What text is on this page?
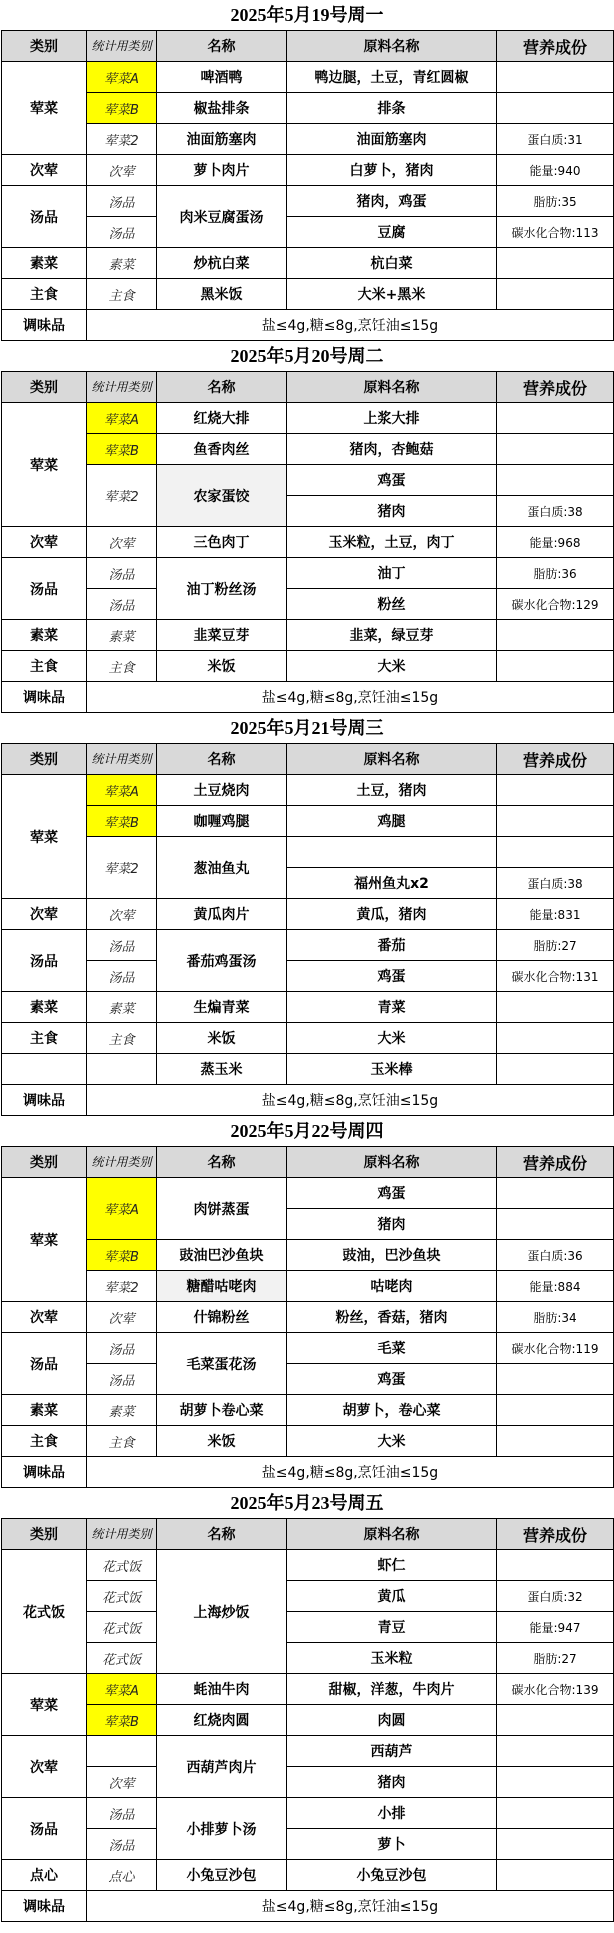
2025年5月19号周一
类别	统计用类别	名称	原料名称	营养成份
荤菜	荤菜A	啤酒鸭	鸭边腿，土豆，青红圆椒	
	荤菜B	椒盐排条	排条	
	荤菜2	油面筋塞肉	油面筋塞肉	蛋白质:31
次荤	次荤	萝卜肉片	白萝卜，猪肉	能量:940
汤品	汤品	肉米豆腐蛋汤	猪肉，鸡蛋	脂肪:35
	汤品		豆腐	碳水化合物:113
素菜	素菜	炒杭白菜	杭白菜	
主食	主食	黑米饭	大米+黑米	
调味品	盐≤4g,糖≤8g,烹饪油≤15g			
2025年5月20号周二
类别	统计用类别	名称	原料名称	营养成份
荤菜	荤菜A	红烧大排	上浆大排	
	荤菜B	鱼香肉丝	猪肉，杏鲍菇	
	荤菜2	农家蛋饺	鸡蛋	
			猪肉	蛋白质:38
次荤	次荤	三色肉丁	玉米粒，土豆，肉丁	能量:968
汤品	汤品	油丁粉丝汤	油丁	脂肪:36
	汤品		粉丝	碳水化合物:129
素菜	素菜	韭菜豆芽	韭菜，绿豆芽	
主食	主食	米饭	大米	
调味品	盐≤4g,糖≤8g,烹饪油≤15g			
2025年5月21号周三
类别	统计用类别	名称	原料名称	营养成份
荤菜	荤菜A	土豆烧肉	土豆，猪肉	
	荤菜B	咖喱鸡腿	鸡腿	
	荤菜2	葱油鱼丸		
			福州鱼丸x2	蛋白质:38
次荤	次荤	黄瓜肉片	黄瓜，猪肉	能量:831
汤品	汤品	番茄鸡蛋汤	番茄	脂肪:27
	汤品		鸡蛋	碳水化合物:131
素菜	素菜	生煸青菜	青菜	
主食	主食	米饭	大米	
		蒸玉米	玉米棒	
调味品	盐≤4g,糖≤8g,烹饪油≤15g			
2025年5月22号周四
类别	统计用类别	名称	原料名称	营养成份
荤菜	荤菜A	肉饼蒸蛋	鸡蛋	
			猪肉	
	荤菜B	豉油巴沙鱼块	豉油，巴沙鱼块	蛋白质:36
	荤菜2	糖醋咕咾肉	咕咾肉	能量:884
次荤	次荤	什锦粉丝	粉丝，香菇，猪肉	脂肪:34
汤品	汤品	毛菜蛋花汤	毛菜	碳水化合物:119
	汤品		鸡蛋	
素菜	素菜	胡萝卜卷心菜	胡萝卜，卷心菜	
主食	主食	米饭	大米	
调味品	盐≤4g,糖≤8g,烹饪油≤15g			
2025年5月23号周五
类别	统计用类别	名称	原料名称	营养成份
花式饭	花式饭	上海炒饭	虾仁	
	花式饭		黄瓜	蛋白质:32
	花式饭		青豆	能量:947
	花式饭		玉米粒	脂肪:27
荤菜	荤菜A	蚝油牛肉	甜椒，洋葱，牛肉片	碳水化合物:139
	荤菜B	红烧肉圆	肉圆	
次荤		西葫芦肉片	西葫芦	
	次荤		猪肉	
汤品	汤品	小排萝卜汤	小排	
	汤品		萝卜	
点心	点心	小兔豆沙包	小兔豆沙包	
调味品	盐≤4g,糖≤8g,烹饪油≤15g			
